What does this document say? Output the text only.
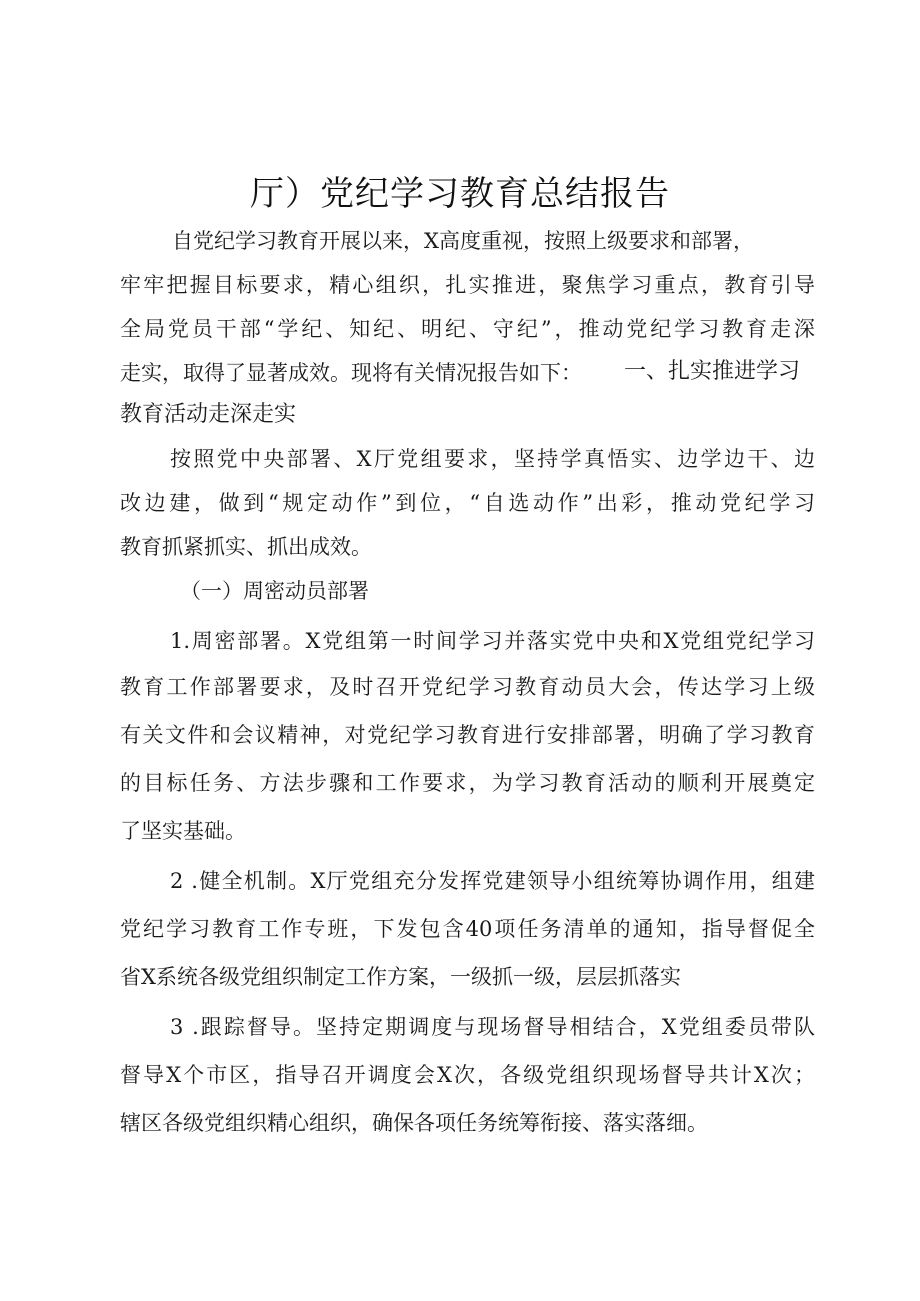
厅）党纪学习教育总结报告
自党纪学习教育开展以来，X高度重视，按照上级要求和部署，
牢牢把握目标要求，精心组织，扎实推进，聚焦学习重点，教育引导
全局党员干部“学纪、知纪、明纪、守纪”，推动党纪学习教育走深
走实，取得了显著成效。现将有关情况报告如下： 一、扎实推进学习
教育活动走深走实
按照党中央部署、X厅党组要求，坚持学真悟实、边学边干、边
改边建，做到“规定动作”到位，“自选动作”出彩，推动党纪学习
教育抓紧抓实、抓出成效。
（一）周密动员部署
1.周密部署。X党组第一时间学习并落实党中央和X党组党纪学习
教育工作部署要求，及时召开党纪学习教育动员大会，传达学习上级
有关文件和会议精神，对党纪学习教育进行安排部署，明确了学习教育
的目标任务、方法步骤和工作要求，为学习教育活动的顺利开展奠定
了坚实基础。
2 .健全机制。X厅党组充分发挥党建领导小组统筹协调作用，组建
党纪学习教育工作专班，下发包含40项任务清单的通知，指导督促全
省X系统各级党组织制定工作方案，一级抓一级，层层抓落实
3 .跟踪督导。坚持定期调度与现场督导相结合，X党组委员带队
督导X个市区，指导召开调度会X次，各级党组织现场督导共计X次；
辖区各级党组织精心组织，确保各项任务统筹衔接、落实落细。
